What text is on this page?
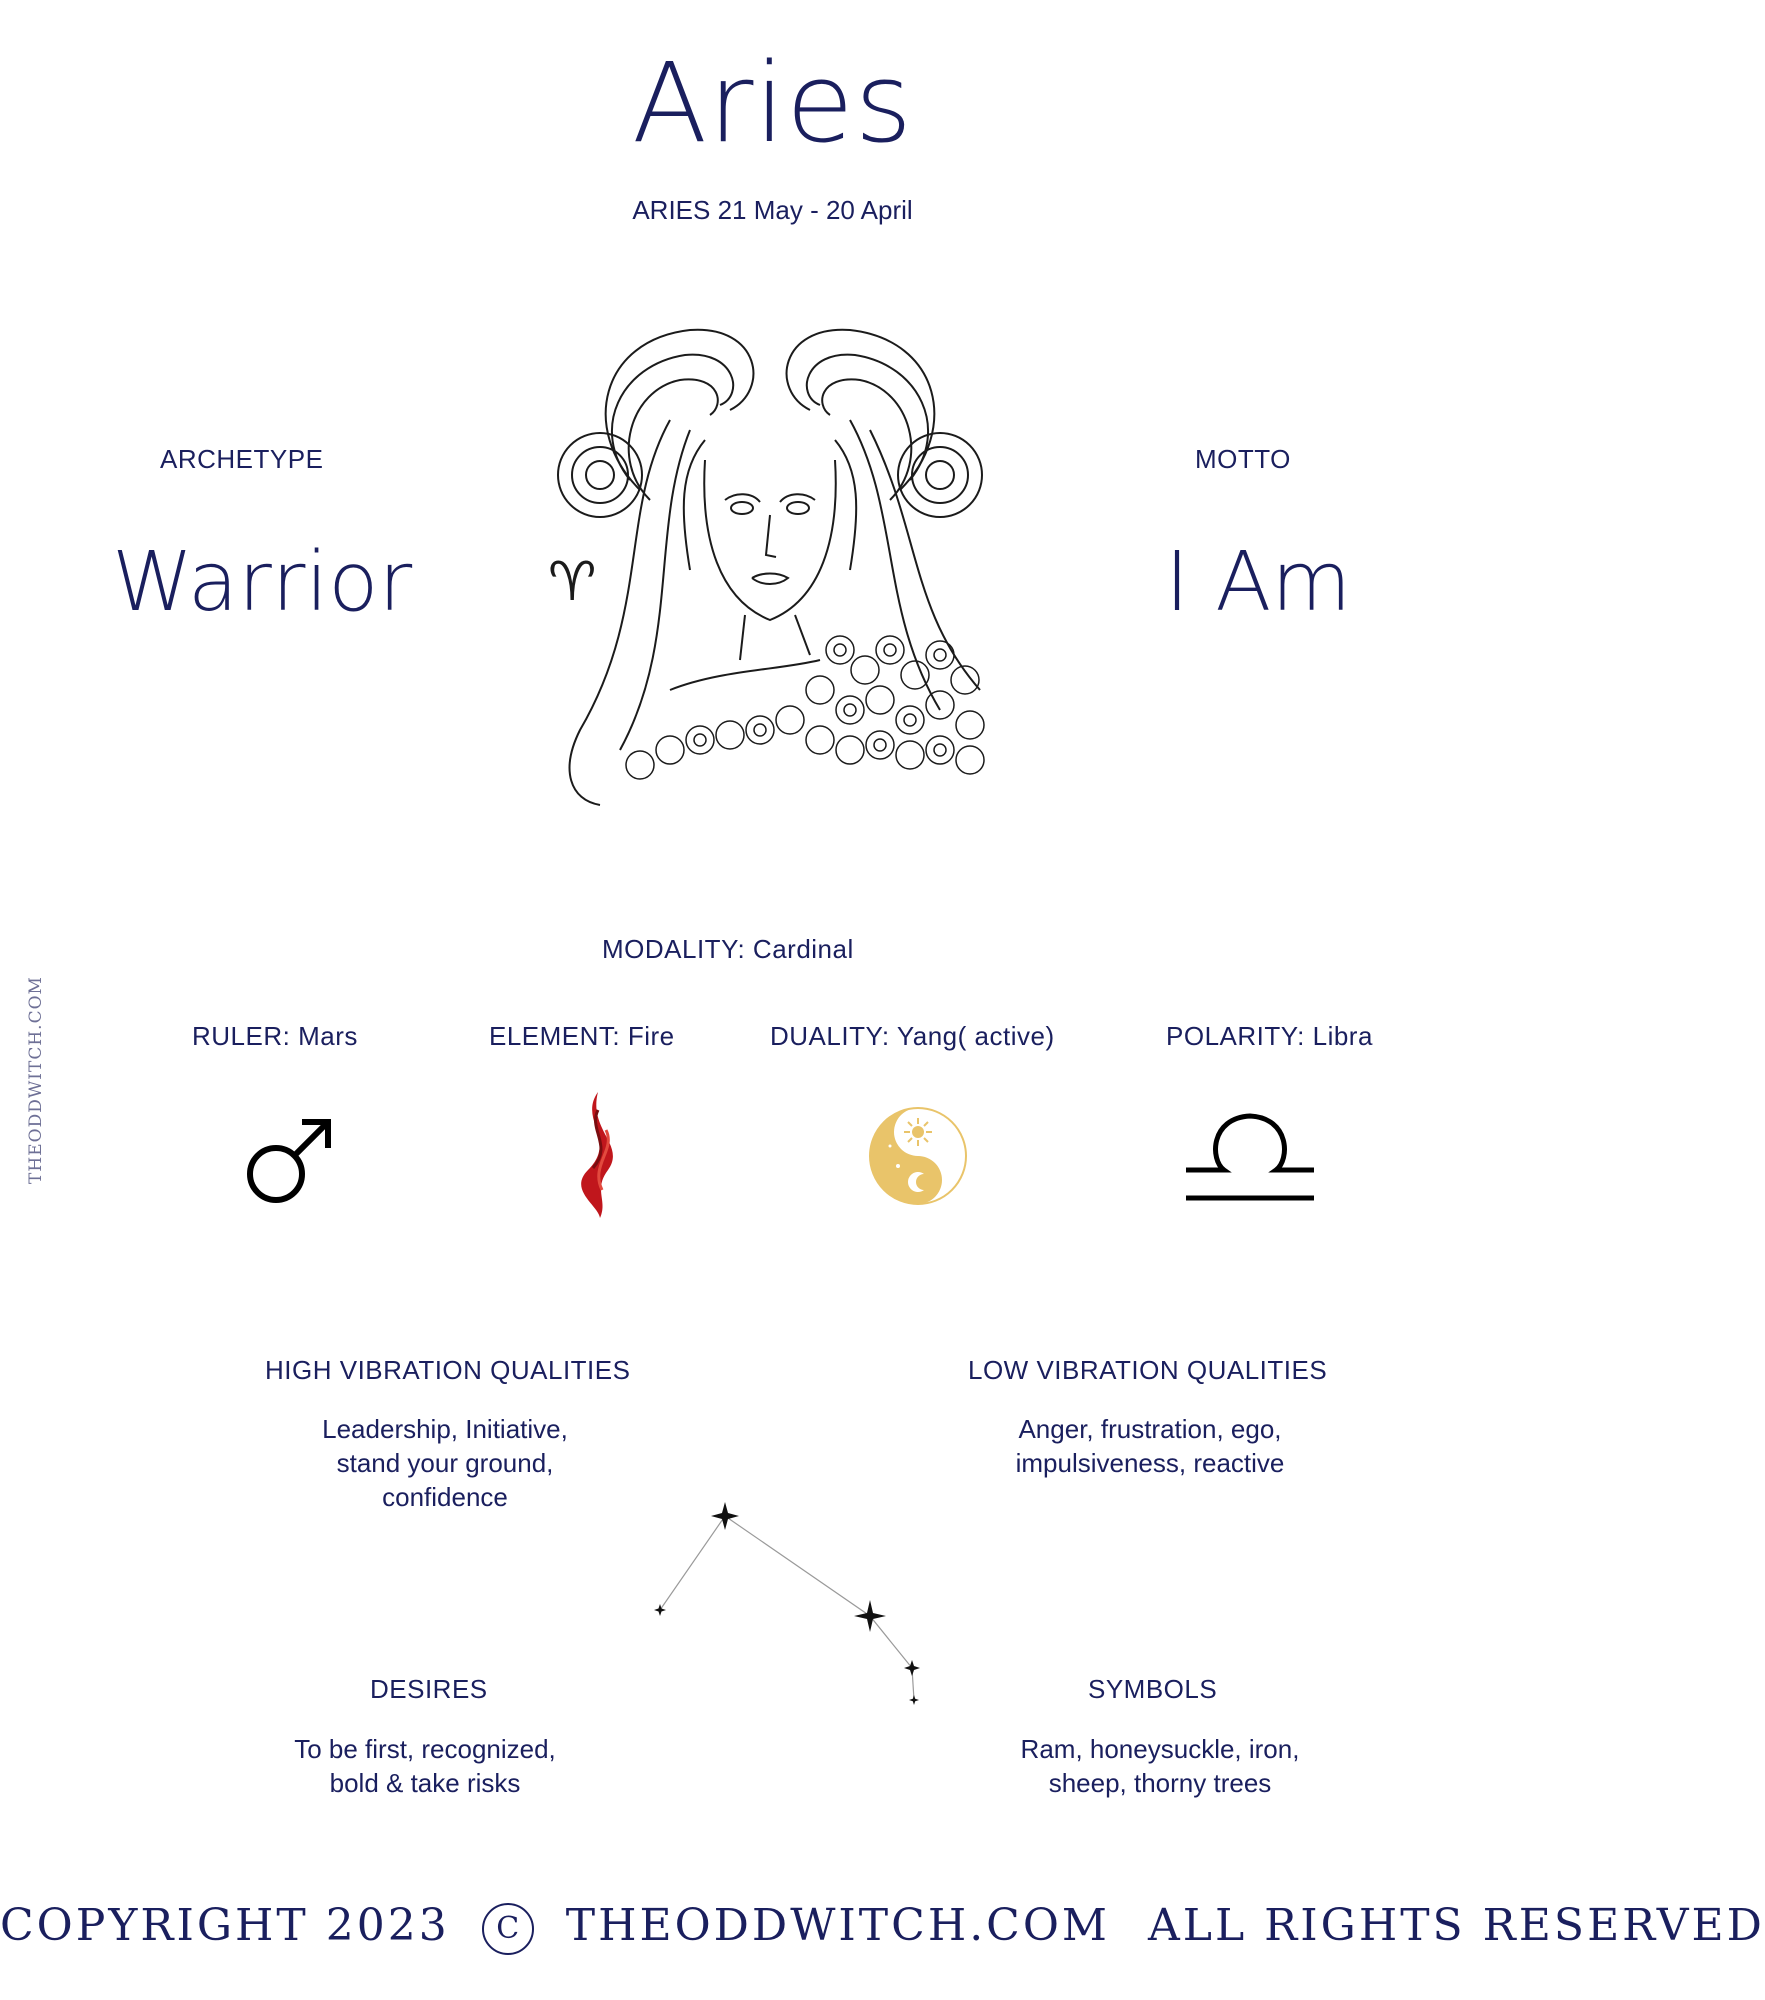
Aries
ARIES 21 May - 20 April
ARCHETYPE
Warrior
MOTTO
I Am
♈
MODALITY: Cardinal
RULER: Mars	ELEMENT: Fire	DUALITY: Yang( active)	POLARITY: Libra
HIGH VIBRATION QUALITIES
Leadership, Initiative,
stand your ground,
confidence
LOW VIBRATION QUALITIES
Anger, frustration, ego,
impulsiveness, reactive
DESIRES
To be first, recognized,
bold & take risks
SYMBOLS
Ram, honeysuckle, iron,
sheep, thorny trees
THEODDWITCH.COM
COPYRIGHT 2023 C THEODDWITCH.COM ALL RIGHTS RESERVED
